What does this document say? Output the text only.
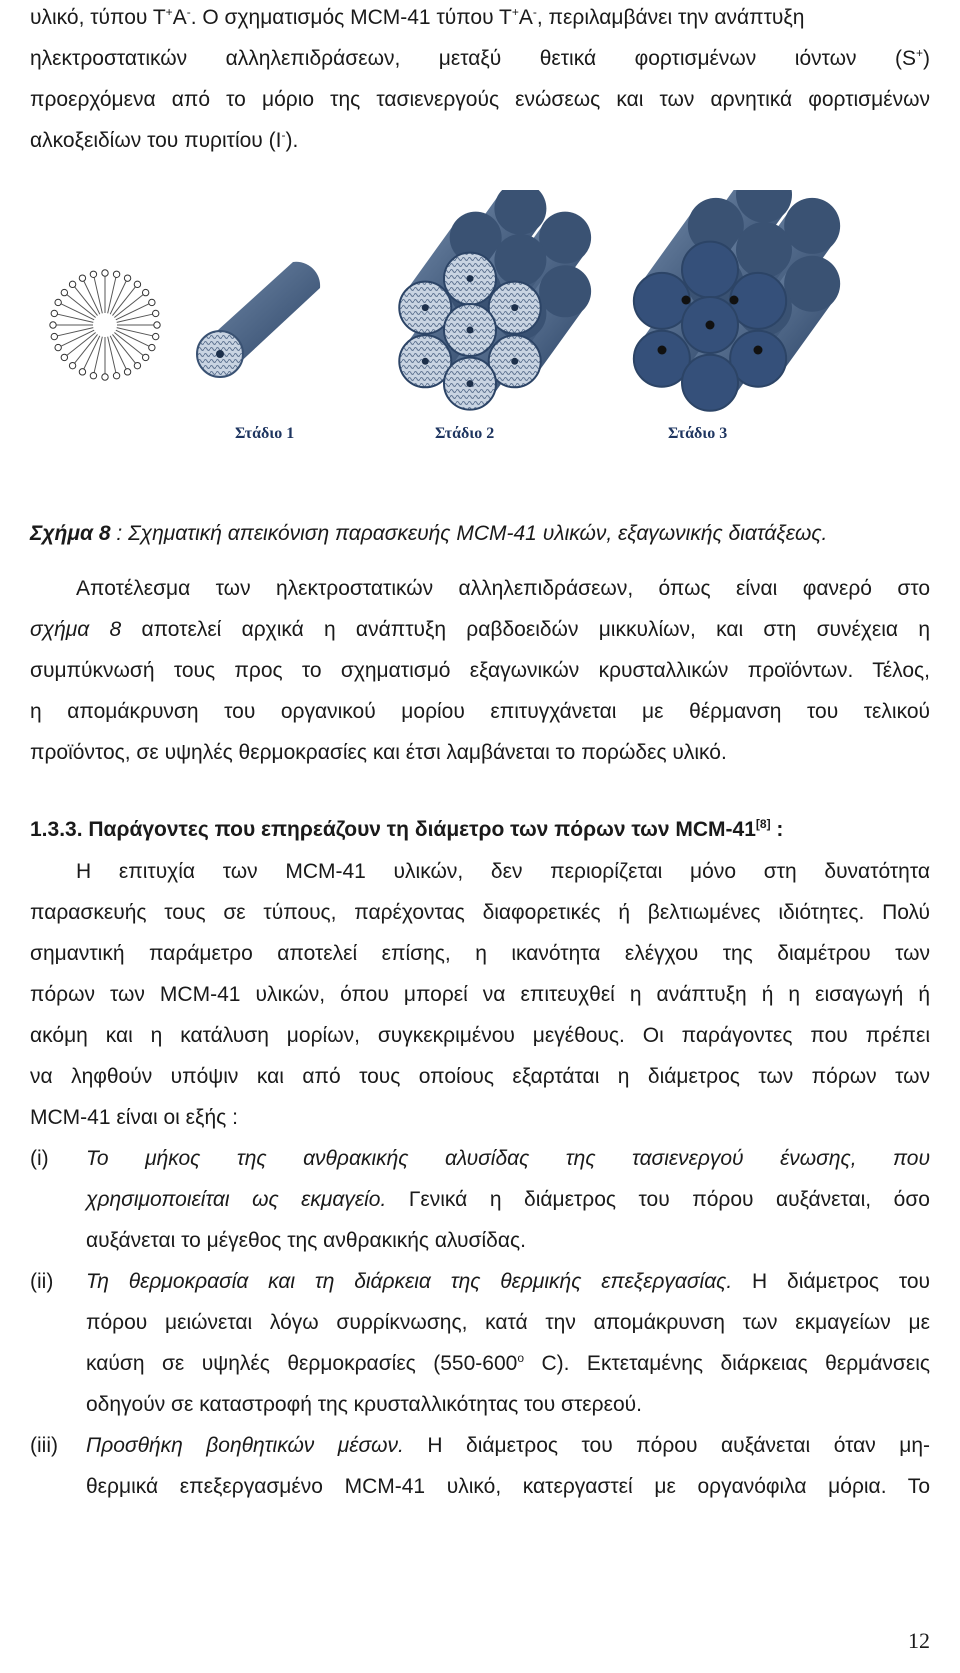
υλικό, τύπου Τ+Α-. Ο σχηματισμός MCM-41 τύπου Τ+Α-, περιλαμβάνει την ανάπτυξη
ηλεκτροστατικών αλληλεπιδράσεων, μεταξύ θετικά φορτισμένων ιόντων (S+)
προερχόμενα από το μόριο της τασιενεργούς ενώσεως και των αρνητικά φορτισμένων
αλκοξειδίων του πυριτίου (I-).
Στάδιο 1	Στάδιο 2	Στάδιο 3
Σχήμα 8 : Σχηματική απεικόνιση παρασκευής MCM-41 υλικών, εξαγωνικής διατάξεως.
Αποτέλεσμα των ηλεκτροστατικών αλληλεπιδράσεων, όπως είναι φανερό στο
σχήμα 8 αποτελεί αρχικά η ανάπτυξη ραβδοειδών μικκυλίων, και στη συνέχεια η
συμπύκνωσή τους προς το σχηματισμό εξαγωνικών κρυσταλλικών προϊόντων. Τέλος,
η απομάκρυνση του οργανικού μορίου επιτυγχάνεται με θέρμανση του τελικού
προϊόντος, σε υψηλές θερμοκρασίες και έτσι λαμβάνεται το πορώδες υλικό.
1.3.3. Παράγοντες που επηρεάζουν τη διάμετρο των πόρων των MCM-41[8] :
Η επιτυχία των MCM-41 υλικών, δεν περιορίζεται μόνο στη δυνατότητα
παρασκευής τους σε τύπους, παρέχοντας διαφορετικές ή βελτιωμένες ιδιότητες. Πολύ
σημαντική παράμετρο αποτελεί επίσης, η ικανότητα ελέγχου της διαμέτρου των
πόρων των MCM-41 υλικών, όπου μπορεί να επιτευχθεί η ανάπτυξη ή η εισαγωγή ή
ακόμη και η κατάλυση μορίων, συγκεκριμένου μεγέθους. Οι παράγοντες που πρέπει
να ληφθούν υπόψιν και από τους οποίους εξαρτάται η διάμετρος των πόρων των
MCM-41 είναι οι εξής :
(i) Το μήκος της ανθρακικής αλυσίδας της τασιενεργού ένωσης, που
χρησιμοποιείται ως εκμαγείο. Γενικά η διάμετρος του πόρου αυξάνεται, όσο
αυξάνεται το μέγεθος της ανθρακικής αλυσίδας.
(ii) Τη θερμοκρασία και τη διάρκεια της θερμικής επεξεργασίας. Η διάμετρος του
πόρου μειώνεται λόγω συρρίκνωσης, κατά την απομάκρυνση των εκμαγείων με
καύση σε υψηλές θερμοκρασίες (550-600$^o$ C). Εκτεταμένης διάρκειας θερμάνσεις
οδηγούν σε καταστροφή της κρυσταλλικότητας του στερεού.
(iii) Προσθήκη βοηθητικών μέσων. Η διάμετρος του πόρου αυξάνεται όταν μη-
θερμικά επεξεργασμένο MCM-41 υλικό, κατεργαστεί με οργανόφιλα μόρια. Το
12
